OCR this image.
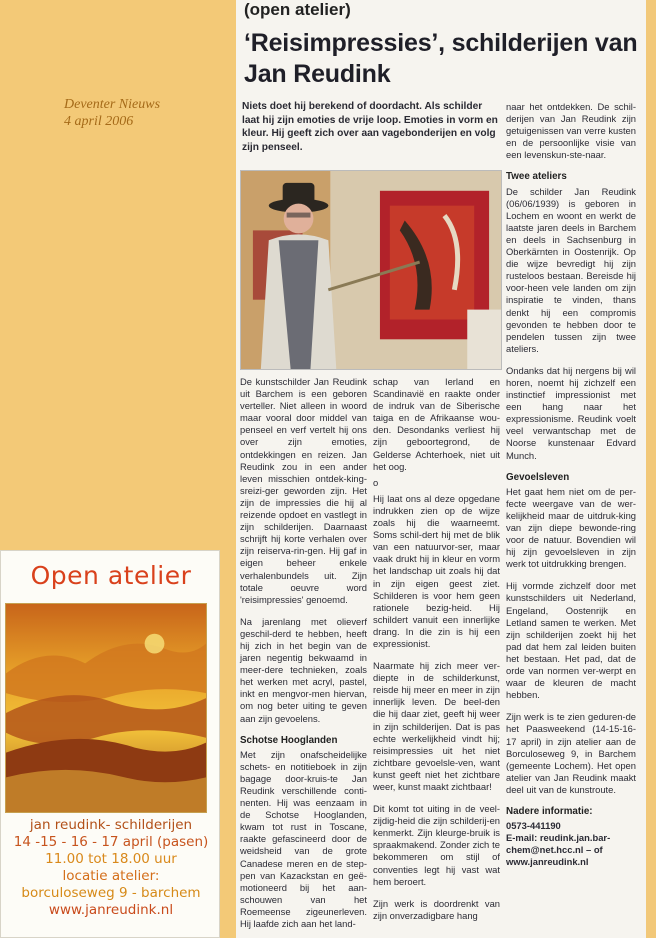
Deventer Nieuws
4 april 2006
(open atelier)
‘Reisimpressies’, schilderijen van Jan Reudink
Niets doet hij berekend of doordacht. Als schilder laat hij zijn emoties de vrije loop. Emoties in vorm en kleur. Hij geeft zich over aan vagebonderijen en volg zijn penseel.

De kunstschilder Jan Reudink uit Barchem is een geboren verteller. Niet alleen in woord maar vooral door middel van penseel en verf vertelt hij ons over zijn emoties, ontdekkingen en reizen. Jan Reudink zou in een ander leven misschien ontdek-king-sreizi-ger geworden zijn. Het zijn de impressies die hij al reizende opdoet en vastlegt in zijn schilderijen. Daarnaast schrijft hij korte verhalen over zijn reiserva-rin-gen. Hij gaf in eigen beheer enkele verhalenbundels uit. Zijn totale oeuvre word 'reisimpressies' genoemd.

Na jarenlang met olieverf geschil-derd te hebben, heeft hij zich in het begin van de jaren negentig bekwaamd in meer-dere technieken, zoals het werken met acryl, pastel, inkt en mengvor-men hiervan, om nog beter uiting te geven aan zijn gevoelens.

Schotse Hooglanden

Met zijn onafscheidelijke schets- en notitieboek in zijn bagage door-kruis-te Jan Reudink verschillende conti-nenten. Hij was eenzaam in de Schotse Hooglanden, kwam tot rust in Toscane, raakte gefascineerd door de weidsheid van de grote Canadese meren en de step-pen van Kazackstan en geë-motioneerd bij het aan-schouwen van het Roemeense zigeunerleven. Hij laafde zich aan het land-

schap van Ierland en Scandinavië en raakte onder de indruk van de Siberische taiga en de Afrikaanse wou-den. Desondanks verliest hij zijn geboortegrond, de Gelderse Achterhoek, niet uit het oog.

o

Hij laat ons al deze opgedane indrukken zien op de wijze zoals hij die waarneemt. Soms schil-dert hij met de blik van een natuurvor-ser, maar vaak drukt hij in kleur en vorm het landschap uit zoals hij dat in zijn eigen geest ziet. Schilderen is voor hem geen rationele bezig-heid. Hij schildert vanuit een innerlijke drang. In die zin is hij een expressionist.

Naarmate hij zich meer ver-diepte in de schilderkunst, reisde hij meer en meer in zijn innerlijk leven. De beel-den die hij daar ziet, geeft hij weer in zijn schilderijen. Dat is pas echte werkelijkheid vindt hij; reisimpressies uit het niet zichtbare gevoelsle-ven, want kunst geeft niet het zichtbare weer, kunst maakt zichtbaar!

Dit komt tot uiting in de veel-zijdig-heid die zijn schilderij-en kenmerkt. Zijn kleurge-bruik is spraakmakend. Zonder zich te bekommeren om stijl of conventies legt hij vast wat hem beroert.

Zijn werk is doordrenkt van zijn onverzadigbare hang

naar het ontdekken. De schil-derijen van Jan Reudink zijn getuigenissen van verre kusten en de persoonlijke visie van een levenskun-ste-naar.

Twee ateliers

De schilder Jan Reudink (06/06/1939) is geboren in Lochem en woont en werkt de laatste jaren deels in Barchem en deels in Sachsenburg in Oberkärnten in Oostenrijk. Op die wijze bevredigt hij zijn rusteloos bestaan. Bereisde hij voor-heen vele landen om zijn inspiratie te vinden, thans denkt hij een compromis gevonden te hebben door te pendelen tussen zijn twee ateliers.

Ondanks dat hij nergens bij wil horen, noemt hij zichzelf een instinctief impressionist met een hang naar het expressionisme. Reudink voelt veel verwantschap met de Noorse kunstenaar Edvard Munch.

Gevoelsleven

Het gaat hem niet om de per-fecte weergave van de wer-kelijkheid maar de uitdruk-king van zijn diepe bewonde-ring voor de natuur. Bovendien wil hij zijn gevoelsleven in zijn werk tot uitdrukking brengen.

Hij vormde zichzelf door met kunstschilders uit Nederland, Engeland, Oostenrijk en Letland samen te werken. Met zijn schilderijen zoekt hij het pad dat hem zal leiden buiten het bestaan. Het pad, dat de orde van normen ver-werpt en waar de kleuren de macht hebben.

Zijn werk is te zien geduren-de het Paasweekend (14-15-16-17 april) in zijn atelier aan de Borculoseweg 9, in Barchem (gemeente Lochem). Het open atelier van Jan Reudink maakt deel uit van de kunstroute.

Nadere informatie:
0573-441190
E-mail: reudink.jan.bar-
chem@net.hcc.nl – of
www.janreudink.nl
Open atelier
jan reudink- schilderijen
14 -15 - 16 - 17 april (pasen)
11.00 tot 18.00 uur
locatie atelier:
borculoseweg 9 - barchem
www.janreudink.nl
